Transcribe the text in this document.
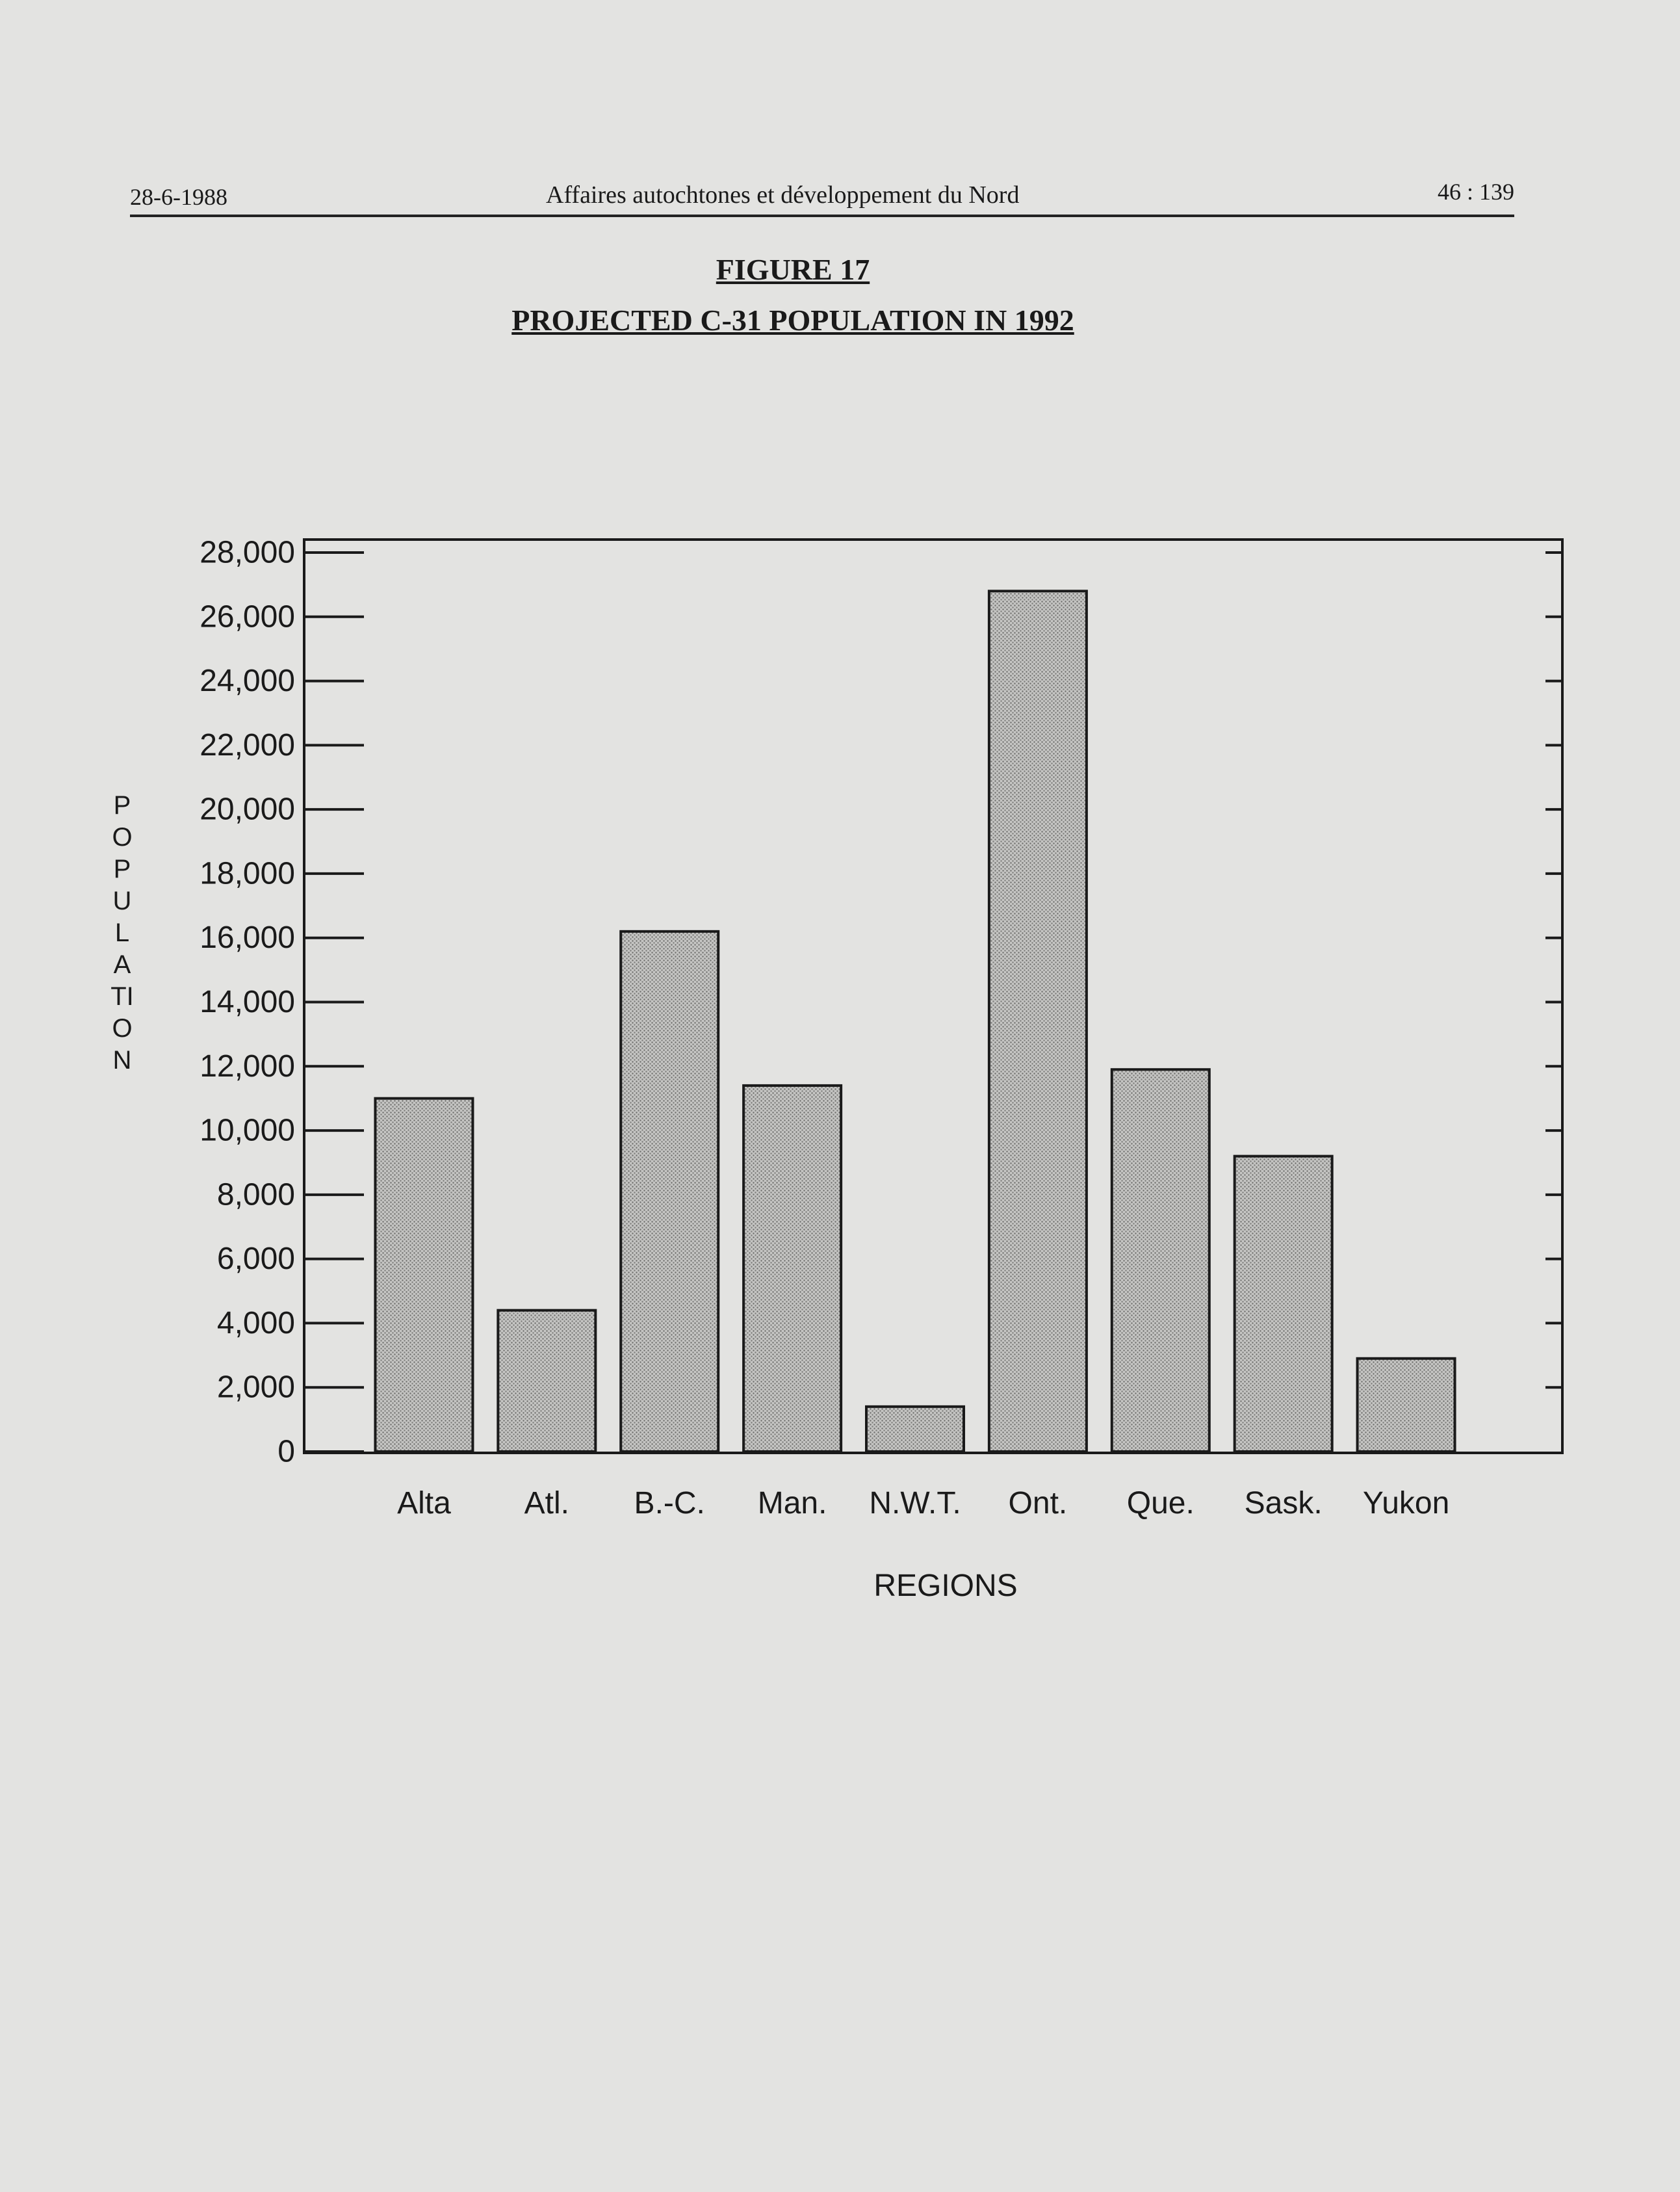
28-6-1988	Affaires autochtones et développement du Nord	46 : 139
FIGURE 17
PROJECTED C-31 POPULATION IN 1992
Alta Atl. B.-C. Man. N.W.T. Ont. Que. Sask. Yukon
0
2,000
4,000
6,000
8,000
10,000
12,000
14,000
16,000
18,000
20,000
22,000
24,000
26,000
28,000
POPULATION
REGIONS
